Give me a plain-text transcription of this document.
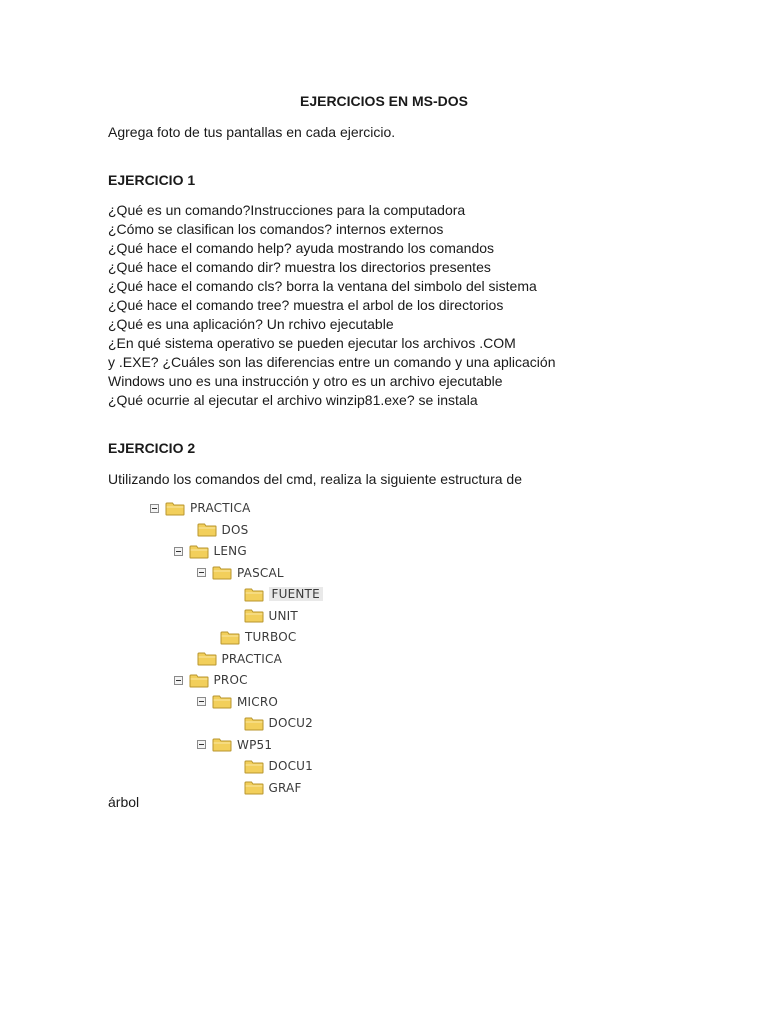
EJERCICIOS EN MS-DOS
Agrega foto de tus pantallas en cada ejercicio.
EJERCICIO 1
¿Qué es un comando?Instrucciones para la computadora
¿Cómo se clasifican los comandos? internos externos
¿Qué hace el comando help? ayuda mostrando los comandos
¿Qué hace el comando dir? muestra los directorios presentes
¿Qué hace el comando cls? borra la ventana del simbolo del sistema
¿Qué hace el comando tree? muestra el arbol de los directorios
¿Qué es una aplicación? Un rchivo ejecutable
¿En qué sistema operativo se pueden ejecutar los archivos .COM
y .EXE? ¿Cuáles son las diferencias entre un comando y una aplicación
Windows uno es una instrucción y otro es un archivo ejecutable
¿Qué ocurrie al ejecutar el archivo winzip81.exe? se instala
EJERCICIO 2
Utilizando los comandos del cmd, realiza la siguiente estructura de
PRACTICA
DOS
LENG
PASCAL
FUENTE
UNIT
TURBOC
PRACTICA
PROC
MICRO
DOCU2
WP51
DOCU1
GRAF
árbol
